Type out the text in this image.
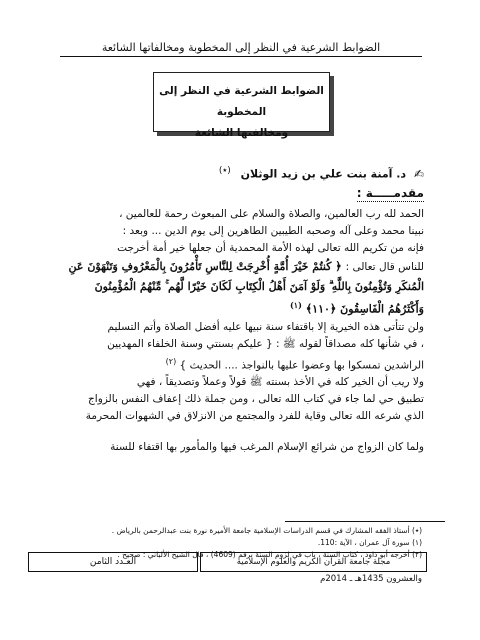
الضوابط الشرعية في النظر إلى المخطوبة ومخالفاتها الشائعة
الضوابط الشرعية في النظر إلى المخطوبة
ومخالفتها الشائعة
✍ د. آمنة بنت علي بن زيد الوثلان (٭)
مقدمـــــة :

الحمد لله رب العالمين، والصلاة والسلام على المبعوث رحمة للعالمين ،

نبينا محمد وعلى آله وصحبه الطيبين الطاهرين إلى يوم الدين ... وبعد :

فإنه من تكريم الله تعالى لهذه الأمة المحمدية أن جعلها خير أمة أخرجت

للناس قال تعالى : ﴿ كُنتُمْ خَيْرَ أُمَّةٍ أُخْرِجَتْ لِلنَّاسِ تَأْمُرُونَ بِالْمَعْرُوفِ وَتَنْهَوْنَ عَنِ

الْمُنكَرِ وَتُؤْمِنُونَ بِاللَّهِ ۗ وَلَوْ آمَنَ أَهْلُ الْكِتَابِ لَكَانَ خَيْرًا لَّهُم ۚ مِّنْهُمُ الْمُؤْمِنُونَ

وَأَكْثَرُهُمُ الْفَاسِقُونَ ﴿١١٠﴾ $^{(١)}$

ولن تتأتى هذه الخيرية إلا باقتفاء سنة نبيها عليه أفضل الصلاة وأتم التسليم

، في شأنها كله مصداقاً لقوله ﷺ : { عليكم بسنتي وسنة الخلفاء المهديين

الراشدين تمسكوا بها وعضوا عليها بالنواجذ .... الحديث } $^{(٢)}$

ولا ريب أن الخير كله في الأخذ بسنته ﷺ قولاً وعملاً وتصديقاً ، فهي

تطبيق حي لما جاء في كتاب الله تعالى ، ومن جملة ذلك إعفاف النفس بالزواج

الذي شرعه الله تعالى وقاية للفرد والمجتمع من الانزلاق في الشهوات المحرمة

ولما كان الزواج من شرائع الإسلام المرغب فيها والمأمور بها اقتفاء للسنة

(٭) أستاذ الفقه المشارك في قسم الدراسات الإسلامية جامعة الأميرة نورة بنت عبدالرحمن بالرياض .

(١) سورة آل عمران ، الآية :110.

(٢) أخرجه أبو داود ، كتاب السنة ، باب في لزوم السنة برقم (4609) ، قال الشيخ الألباني : صحيح .

مجلة جامعة القرآن الكريم والعلوم الإسلامية
العـدد الثامن
والعشرون 1435هـ ـ 2014م
